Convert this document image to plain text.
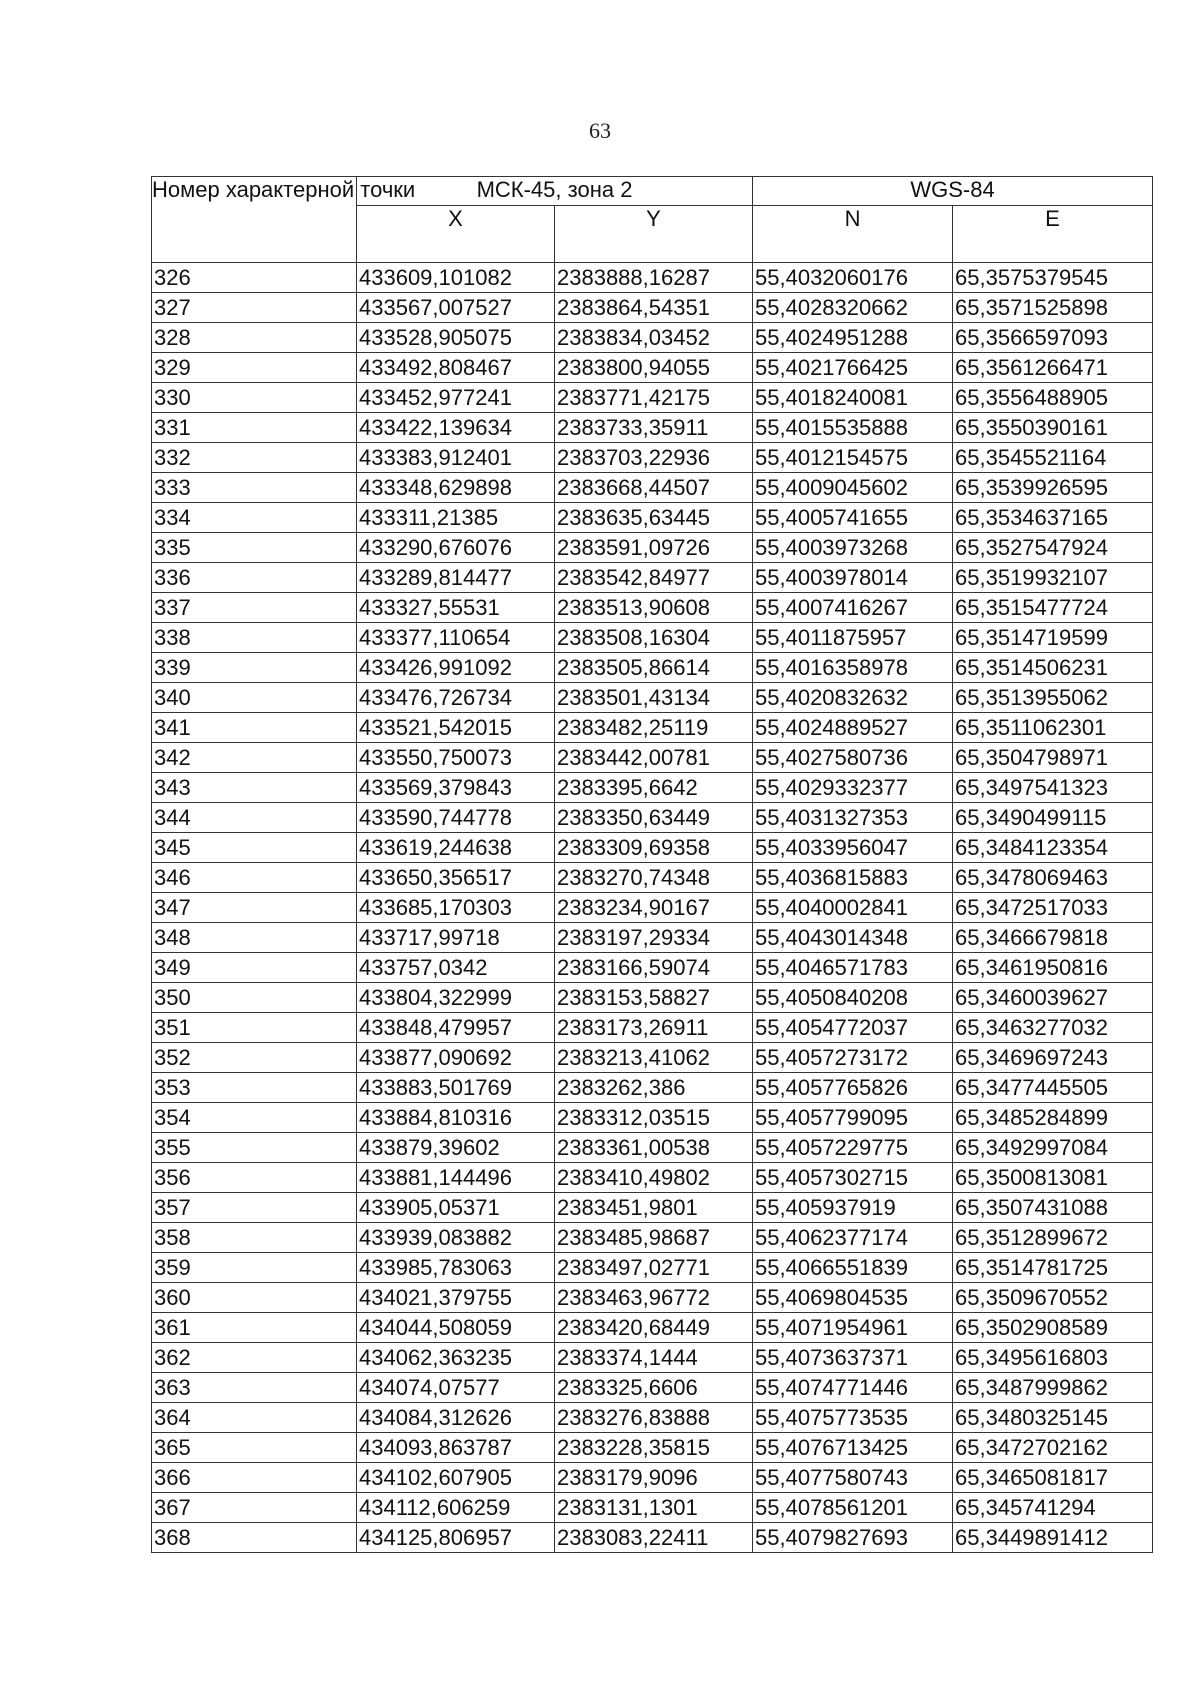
63
Номер характерной точки	МСК-45, зона 2		WGS-84	
	X	Y	N	E
326	433609,101082	2383888,16287	55,4032060176	65,3575379545
327	433567,007527	2383864,54351	55,4028320662	65,3571525898
328	433528,905075	2383834,03452	55,4024951288	65,3566597093
329	433492,808467	2383800,94055	55,4021766425	65,3561266471
330	433452,977241	2383771,42175	55,4018240081	65,3556488905
331	433422,139634	2383733,35911	55,4015535888	65,3550390161
332	433383,912401	2383703,22936	55,4012154575	65,3545521164
333	433348,629898	2383668,44507	55,4009045602	65,3539926595
334	433311,21385	2383635,63445	55,4005741655	65,3534637165
335	433290,676076	2383591,09726	55,4003973268	65,3527547924
336	433289,814477	2383542,84977	55,4003978014	65,3519932107
337	433327,55531	2383513,90608	55,4007416267	65,3515477724
338	433377,110654	2383508,16304	55,4011875957	65,3514719599
339	433426,991092	2383505,86614	55,4016358978	65,3514506231
340	433476,726734	2383501,43134	55,4020832632	65,3513955062
341	433521,542015	2383482,25119	55,4024889527	65,3511062301
342	433550,750073	2383442,00781	55,4027580736	65,3504798971
343	433569,379843	2383395,6642	55,4029332377	65,3497541323
344	433590,744778	2383350,63449	55,4031327353	65,3490499115
345	433619,244638	2383309,69358	55,4033956047	65,3484123354
346	433650,356517	2383270,74348	55,4036815883	65,3478069463
347	433685,170303	2383234,90167	55,4040002841	65,3472517033
348	433717,99718	2383197,29334	55,4043014348	65,3466679818
349	433757,0342	2383166,59074	55,4046571783	65,3461950816
350	433804,322999	2383153,58827	55,4050840208	65,3460039627
351	433848,479957	2383173,26911	55,4054772037	65,3463277032
352	433877,090692	2383213,41062	55,4057273172	65,3469697243
353	433883,501769	2383262,386	55,4057765826	65,3477445505
354	433884,810316	2383312,03515	55,4057799095	65,3485284899
355	433879,39602	2383361,00538	55,4057229775	65,3492997084
356	433881,144496	2383410,49802	55,4057302715	65,3500813081
357	433905,05371	2383451,9801	55,405937919	65,3507431088
358	433939,083882	2383485,98687	55,4062377174	65,3512899672
359	433985,783063	2383497,02771	55,4066551839	65,3514781725
360	434021,379755	2383463,96772	55,4069804535	65,3509670552
361	434044,508059	2383420,68449	55,4071954961	65,3502908589
362	434062,363235	2383374,1444	55,4073637371	65,3495616803
363	434074,07577	2383325,6606	55,4074771446	65,3487999862
364	434084,312626	2383276,83888	55,4075773535	65,3480325145
365	434093,863787	2383228,35815	55,4076713425	65,3472702162
366	434102,607905	2383179,9096	55,4077580743	65,3465081817
367	434112,606259	2383131,1301	55,4078561201	65,345741294
368	434125,806957	2383083,22411	55,4079827693	65,3449891412
